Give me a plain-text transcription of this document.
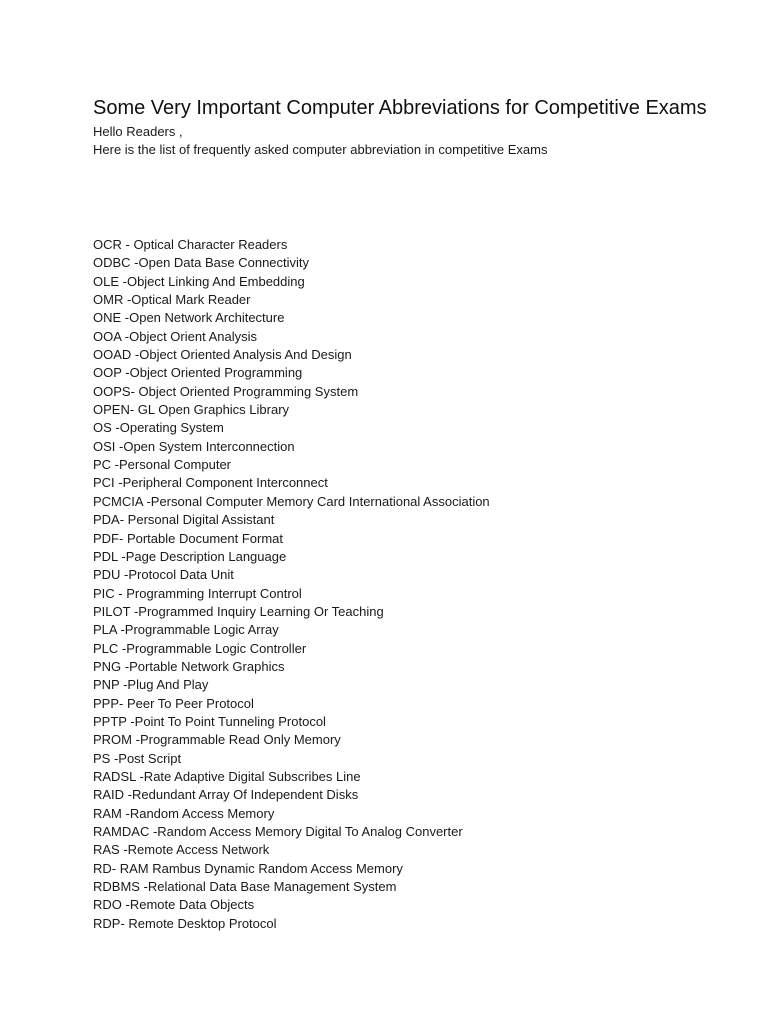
Some Very Important Computer Abbreviations for Competitive Exams
Hello Readers ,
Here is the list of frequently asked computer abbreviation in competitive Exams
OCR - Optical Character Readers
ODBC -Open Data Base Connectivity
OLE -Object Linking And Embedding
OMR -Optical Mark Reader
ONE -Open Network Architecture
OOA -Object Orient Analysis
OOAD -Object Oriented Analysis And Design
OOP -Object Oriented Programming
OOPS- Object Oriented Programming System
OPEN- GL Open Graphics Library
OS -Operating System
OSI -Open System Interconnection
PC -Personal Computer
PCI -Peripheral Component Interconnect
PCMCIA -Personal Computer Memory Card International Association
PDA- Personal Digital Assistant
PDF- Portable Document Format
PDL -Page Description Language
PDU -Protocol Data Unit
PIC - Programming Interrupt Control
PILOT -Programmed Inquiry Learning Or Teaching
PLA -Programmable Logic Array
PLC -Programmable Logic Controller
PNG -Portable Network Graphics
PNP -Plug And Play
PPP- Peer To Peer Protocol
PPTP -Point To Point Tunneling Protocol
PROM -Programmable Read Only Memory
PS -Post Script
RADSL -Rate Adaptive Digital Subscribes Line
RAID -Redundant Array Of Independent Disks
RAM -Random Access Memory
RAMDAC -Random Access Memory Digital To Analog Converter
RAS -Remote Access Network
RD- RAM Rambus Dynamic Random Access Memory
RDBMS -Relational Data Base Management System
RDO -Remote Data Objects
RDP- Remote Desktop Protocol
